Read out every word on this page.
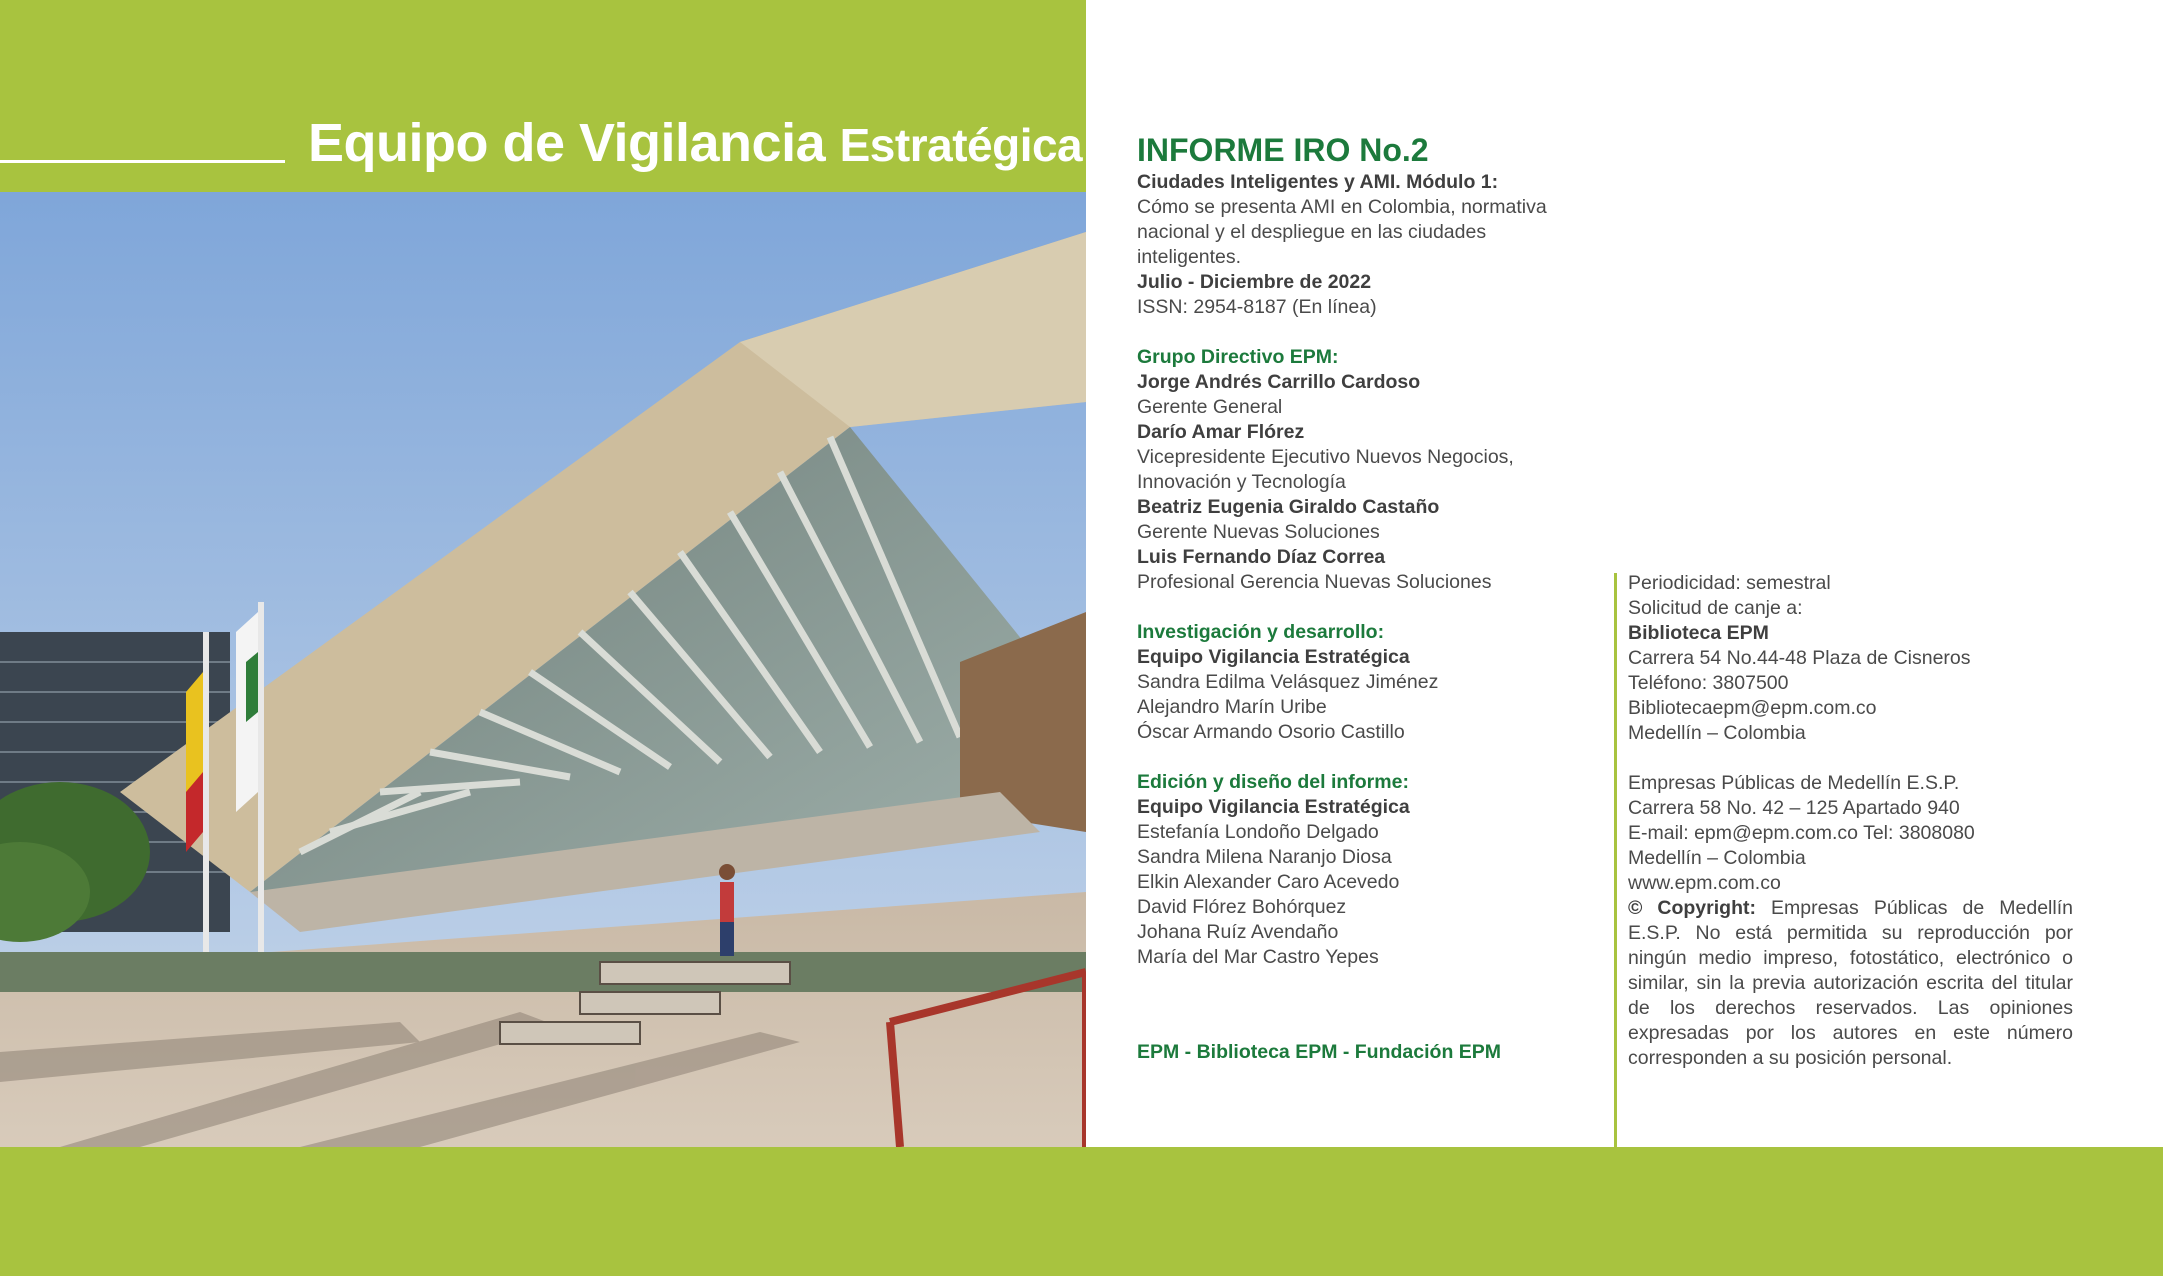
Equipo de Vigilancia Estratégica INFORME IRO No.2

Ciudades Inteligentes y AMI. Módulo 1:

Cómo se presenta AMI en Colombia, normativa nacional y el despliegue en las ciudades inteligentes.

Julio - Diciembre de 2022

ISSN: 2954-8187 (En línea)

Grupo Directivo EPM:

Jorge Andrés Carrillo Cardoso

Gerente General

Darío Amar Flórez

Vicepresidente Ejecutivo Nuevos Negocios, Innovación y Tecnología

Beatriz Eugenia Giraldo Castaño

Gerente Nuevas Soluciones

Luis Fernando Díaz Correa

Profesional Gerencia Nuevas Soluciones

Investigación y desarrollo:

Equipo Vigilancia Estratégica

Sandra Edilma Velásquez Jiménez

Alejandro Marín Uribe

Óscar Armando Osorio Castillo

Edición y diseño del informe:

Equipo Vigilancia Estratégica

Estefanía Londoño Delgado

Sandra Milena Naranjo Diosa

Elkin Alexander Caro Acevedo

David Flórez Bohórquez

Johana Ruíz Avendaño

María del Mar Castro Yepes

EPM - Biblioteca EPM - Fundación EPM

Periodicidad: semestral

Solicitud de canje a:

Biblioteca EPM

Carrera 54 No.44-48 Plaza de Cisneros

Teléfono: 3807500

Bibliotecaepm@epm.com.co

Medellín – Colombia

Empresas Públicas de Medellín E.S.P.

Carrera 58 No. 42 – 125 Apartado 940

E-mail: epm@epm.com.co Tel: 3808080

Medellín – Colombia

www.epm.com.co

© Copyright: Empresas Públicas de Medellín E.S.P. No está permitida su reproducción por ningún medio impreso, fotostático, electrónico o similar, sin la previa autorización escrita del titular de los derechos reservados. Las opiniones expresadas por los autores en este número corresponden a su posición personal.
